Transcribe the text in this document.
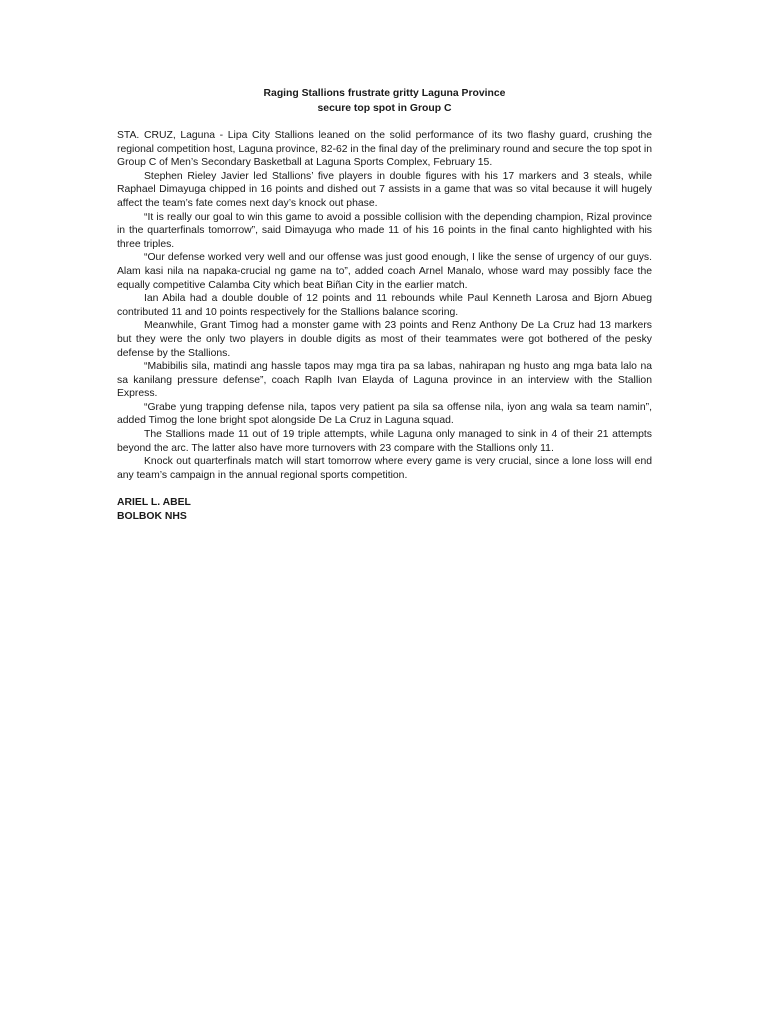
Raging Stallions frustrate gritty Laguna Province
secure top spot in Group C

STA. CRUZ, Laguna - Lipa City Stallions leaned on the solid performance of its two flashy guard, crushing the regional competition host, Laguna province, 82-62 in the final day of the preliminary round and secure the top spot in Group C of Men’s Secondary Basketball at Laguna Sports Complex, February 15.

Stephen Rieley Javier led Stallions’ five players in double figures with his 17 markers and 3 steals, while Raphael Dimayuga chipped in 16 points and dished out 7 assists in a game that was so vital because it will hugely affect the team’s fate comes next day’s knock out phase.

“It is really our goal to win this game to avoid a possible collision with the depending champion, Rizal province in the quarterfinals tomorrow”, said Dimayuga who made 11 of his 16 points in the final canto highlighted with his three triples.

“Our defense worked very well and our offense was just good enough, I like the sense of urgency of our guys. Alam kasi nila na napaka-crucial ng game na to”, added coach Arnel Manalo, whose ward may possibly face the equally competitive Calamba City which beat Biñan City in the earlier match.

Ian Abila had a double double of 12 points and 11 rebounds while Paul Kenneth Larosa and Bjorn Abueg contributed 11 and 10 points respectively for the Stallions balance scoring.

Meanwhile, Grant Timog had a monster game with 23 points and Renz Anthony De La Cruz had 13 markers but they were the only two players in double digits as most of their teammates were got bothered of the pesky defense by the Stallions.

“Mabibilis sila, matindi ang hassle tapos may mga tira pa sa labas, nahirapan ng husto ang mga bata lalo na sa kanilang pressure defense”, coach Raplh Ivan Elayda of Laguna province in an interview with the Stallion Express.

“Grabe yung trapping defense nila, tapos very patient pa sila sa offense nila, iyon ang wala sa team namin”, added Timog the lone bright spot alongside De La Cruz in Laguna squad.

The Stallions made 11 out of 19 triple attempts, while Laguna only managed to sink in 4 of their 21 attempts beyond the arc. The latter also have more turnovers with 23 compare with the Stallions only 11.

Knock out quarterfinals match will start tomorrow where every game is very crucial, since a lone loss will end any team’s campaign in the annual regional sports competition.

ARIEL L. ABEL
BOLBOK NHS
